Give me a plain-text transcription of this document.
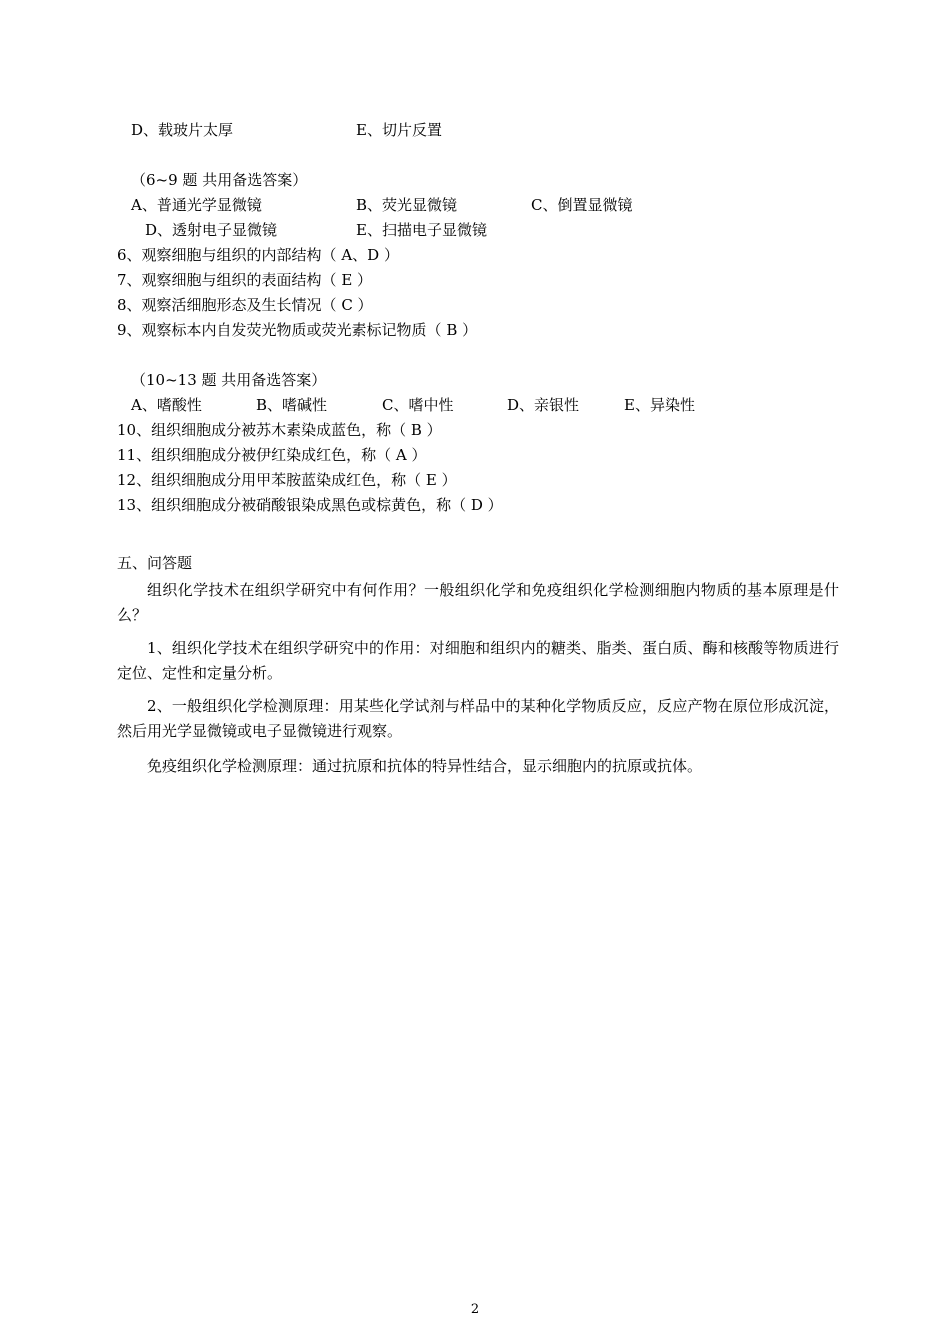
D、载玻片太厚	E、切片反置
（6~9 题 共用备选答案）
A、普通光学显微镜	B、荧光显微镜	C、倒置显微镜
D、透射电子显微镜	E、扫描电子显微镜
6、观察细胞与组织的内部结构（ A、D ）
7、观察细胞与组织的表面结构（ E ）
8、观察活细胞形态及生长情况（ C ）
9、观察标本内自发荧光物质或荧光素标记物质（ B ）
（10~13 题 共用备选答案）
A、嗜酸性	B、嗜碱性	C、嗜中性	D、亲银性	E、异染性
10、组织细胞成分被苏木素染成蓝色，称（ B ）
11、组织细胞成分被伊红染成红色，称（ A ）
12、组织细胞成分用甲苯胺蓝染成红色，称（ E ）
13、组织细胞成分被硝酸银染成黑色或棕黄色，称（ D ）
五、问答题
组织化学技术在组织学研究中有何作用？一般组织化学和免疫组织化学检测细胞内物质的基本原理是什么？
1、组织化学技术在组织学研究中的作用：对细胞和组织内的糖类、脂类、蛋白质、酶和核酸等物质进行定位、定性和定量分析。
2、一般组织化学检测原理：用某些化学试剂与样品中的某种化学物质反应，反应产物在原位形成沉淀，然后用光学显微镜或电子显微镜进行观察。
免疫组织化学检测原理：通过抗原和抗体的特异性结合，显示细胞内的抗原或抗体。
2
